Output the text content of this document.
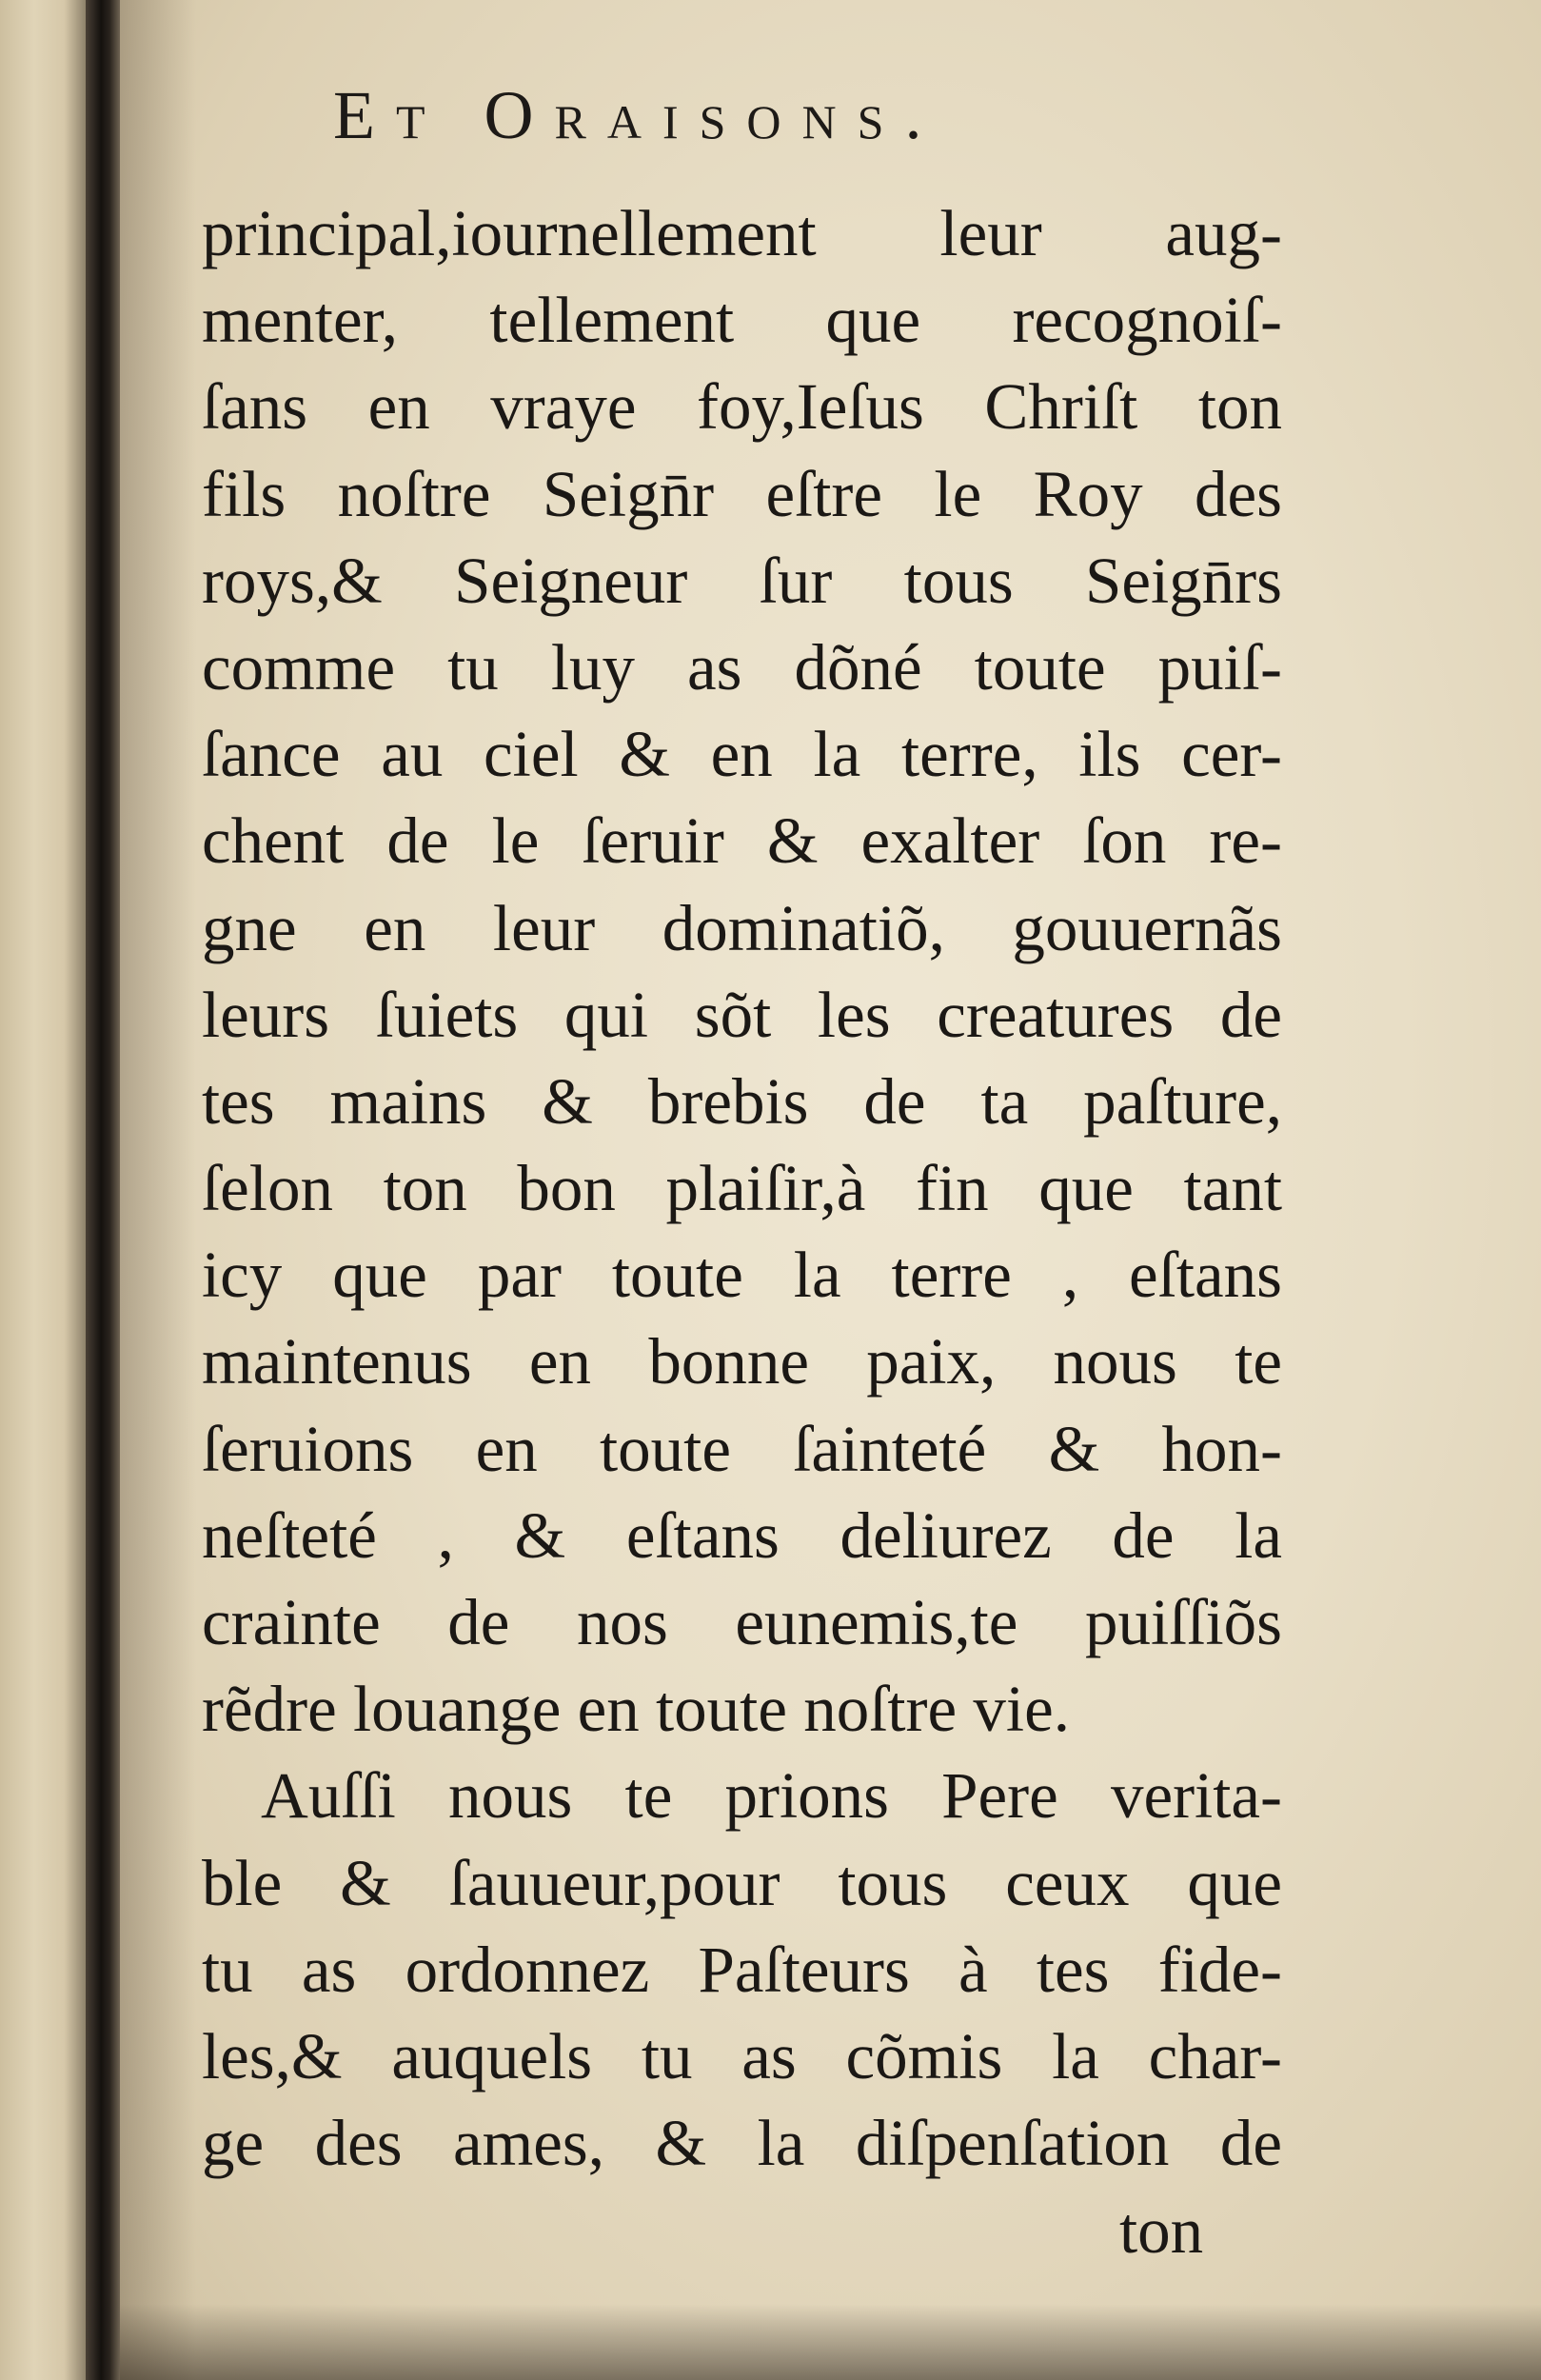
Et Oraisons.
principal,iournellement leur aug-
menter, tellement que recognoiſ-
ſans en vraye foy,Ieſus Chriſt ton
fils noſtre Seign̄r eſtre le Roy des
roys,& Seigneur ſur tous Seign̄rs
comme tu luy as dõné toute puiſ-
ſance au ciel & en la terre, ils cer-
chent de le ſeruir & exalter ſon re-
gne en leur dominatiõ, gouuernãs
leurs ſuiets qui sõt les creatures de
tes mains & brebis de ta paſture,
ſelon ton bon plaiſir,à fin que tant
icy que par toute la terre , eſtans
maintenus en bonne paix, nous te
ſeruions en toute ſainteté & hon-
neſteté , & eſtans deliurez de la
crainte de nos eunemis,te puiſſiõs
rẽdre louange en toute noſtre vie.
Auſſi nous te prions Pere verita-
ble & ſauueur,pour tous ceux que
tu as ordonnez Paſteurs à tes fide-
les,& auquels tu as cõmis la char-
ge des ames, & la diſpenſation de
ton
